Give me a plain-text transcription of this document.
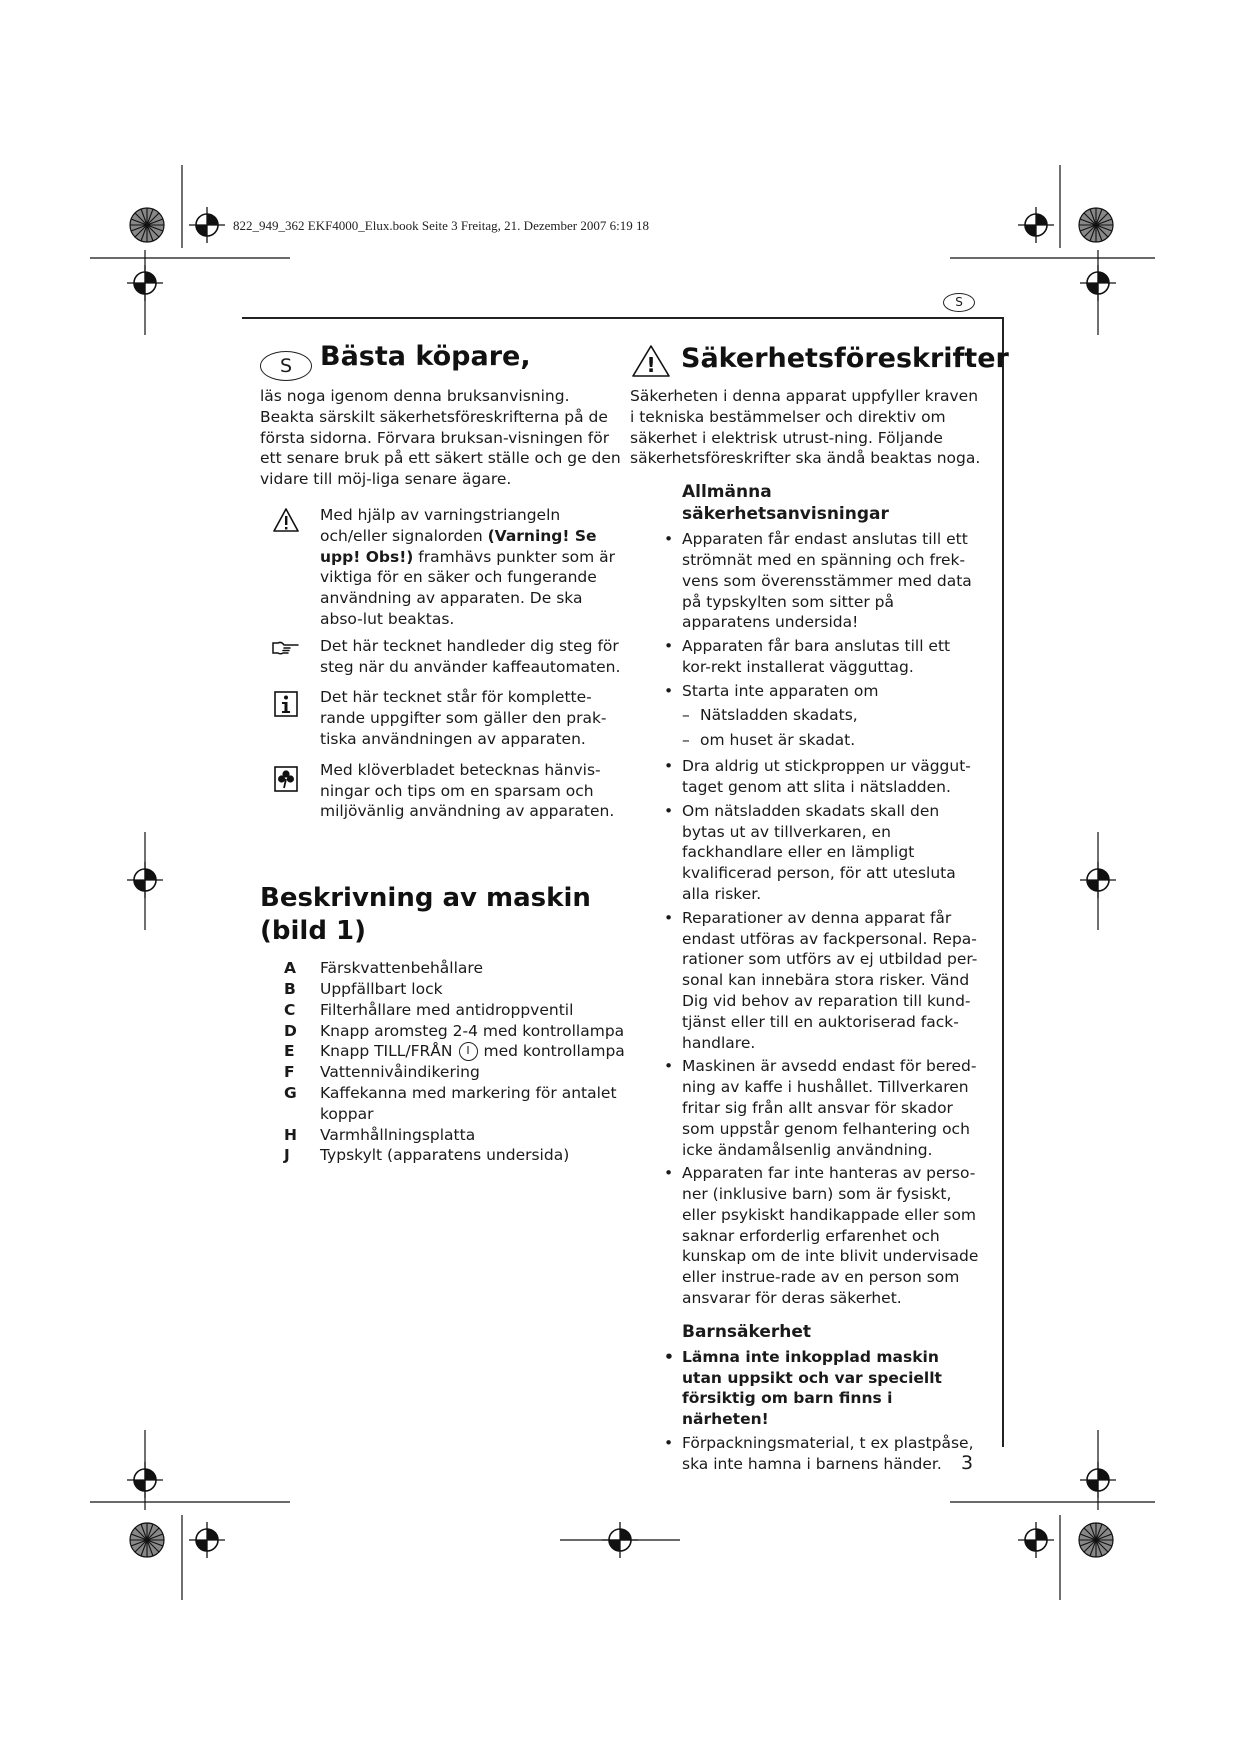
822_949_362 EKF4000_Elux.book Seite 3 Freitag, 21. Dezember 2007 6:19 18
S
S	Bästa köpare,

läs noga igenom denna bruksanvisning. Beakta särskilt säkerhetsföreskrifterna på de första sidorna. Förvara bruksan-visningen för ett senare bruk på ett säkert ställe och ge den vidare till möj-liga senare ägare.

Med hjälp av varningstriangeln och/eller signalorden (Varning! Se upp! Obs!) framhävs punkter som är viktiga för en säker och fungerande användning av apparaten. De ska abso-lut beaktas.

Det här tecknet handleder dig steg för steg när du använder kaffeautomaten.

Det här tecknet står för komplette-rande uppgifter som gäller den prak-tiska användningen av apparaten.

Med klöverbladet betecknas hänvis-ningar och tips om en sparsam och miljövänlig användning av apparaten.

Beskrivning av maskin
(bild 1)
A Färskvattenbehållare
B Uppfällbart lock
C Filterhållare med antidroppventil
D Knapp aromsteg 2-4 med kontrollampa
E Knapp TILL/FRÅN I med kontrollampa
F Vattennivåindikering
G Kaffekanna med markering för antalet koppar
H Varmhållningsplatta
J Typskylt (apparatens undersida)
! Säkerhetsföreskrifter

Säkerheten i denna apparat uppfyller kraven i tekniska bestämmelser och direktiv om säkerhet i elektrisk utrust-ning. Följande säkerhetsföreskrifter ska ändå beaktas noga.

Allmänna säkerhetsanvisningar
• Apparaten får endast anslutas till ett strömnät med en spänning och frek-vens som överensstämmer med data på typskylten som sitter på apparatens undersida!
• Apparaten får bara anslutas till ett kor-rekt installerat vägguttag.
• Starta inte apparaten om
– Nätsladden skadats,
– om huset är skadat.
• Dra aldrig ut stickproppen ur väggut-taget genom att slita i nätsladden.
• Om nätsladden skadats skall den bytas ut av tillverkaren, en fackhandlare eller en lämpligt kvalificerad person, för att utesluta alla risker.
• Reparationer av denna apparat får endast utföras av fackpersonal. Repa-rationer som utförs av ej utbildad per-sonal kan innebära stora risker. Vänd Dig vid behov av reparation till kund-tjänst eller till en auktoriserad fack-handlare.
• Maskinen är avsedd endast för bered-ning av kaffe i hushållet. Tillverkaren fritar sig från allt ansvar för skador som uppstår genom felhantering och icke ändamålsenlig användning.
• Apparaten far inte hanteras av perso-ner (inklusive barn) som är fysiskt, eller psykiskt handikappade eller som saknar erforderlig erfarenhet och kunskap om de inte blivit undervisade eller instrue-rade av en person som ansvarar för deras säkerhet.
Barnsäkerhet
• Lämna inte inkopplad maskin utan uppsikt och var speciellt försiktig om barn finns i närheten!
• Förpackningsmaterial, t ex plastpåse, ska inte hamna i barnens händer.	3
